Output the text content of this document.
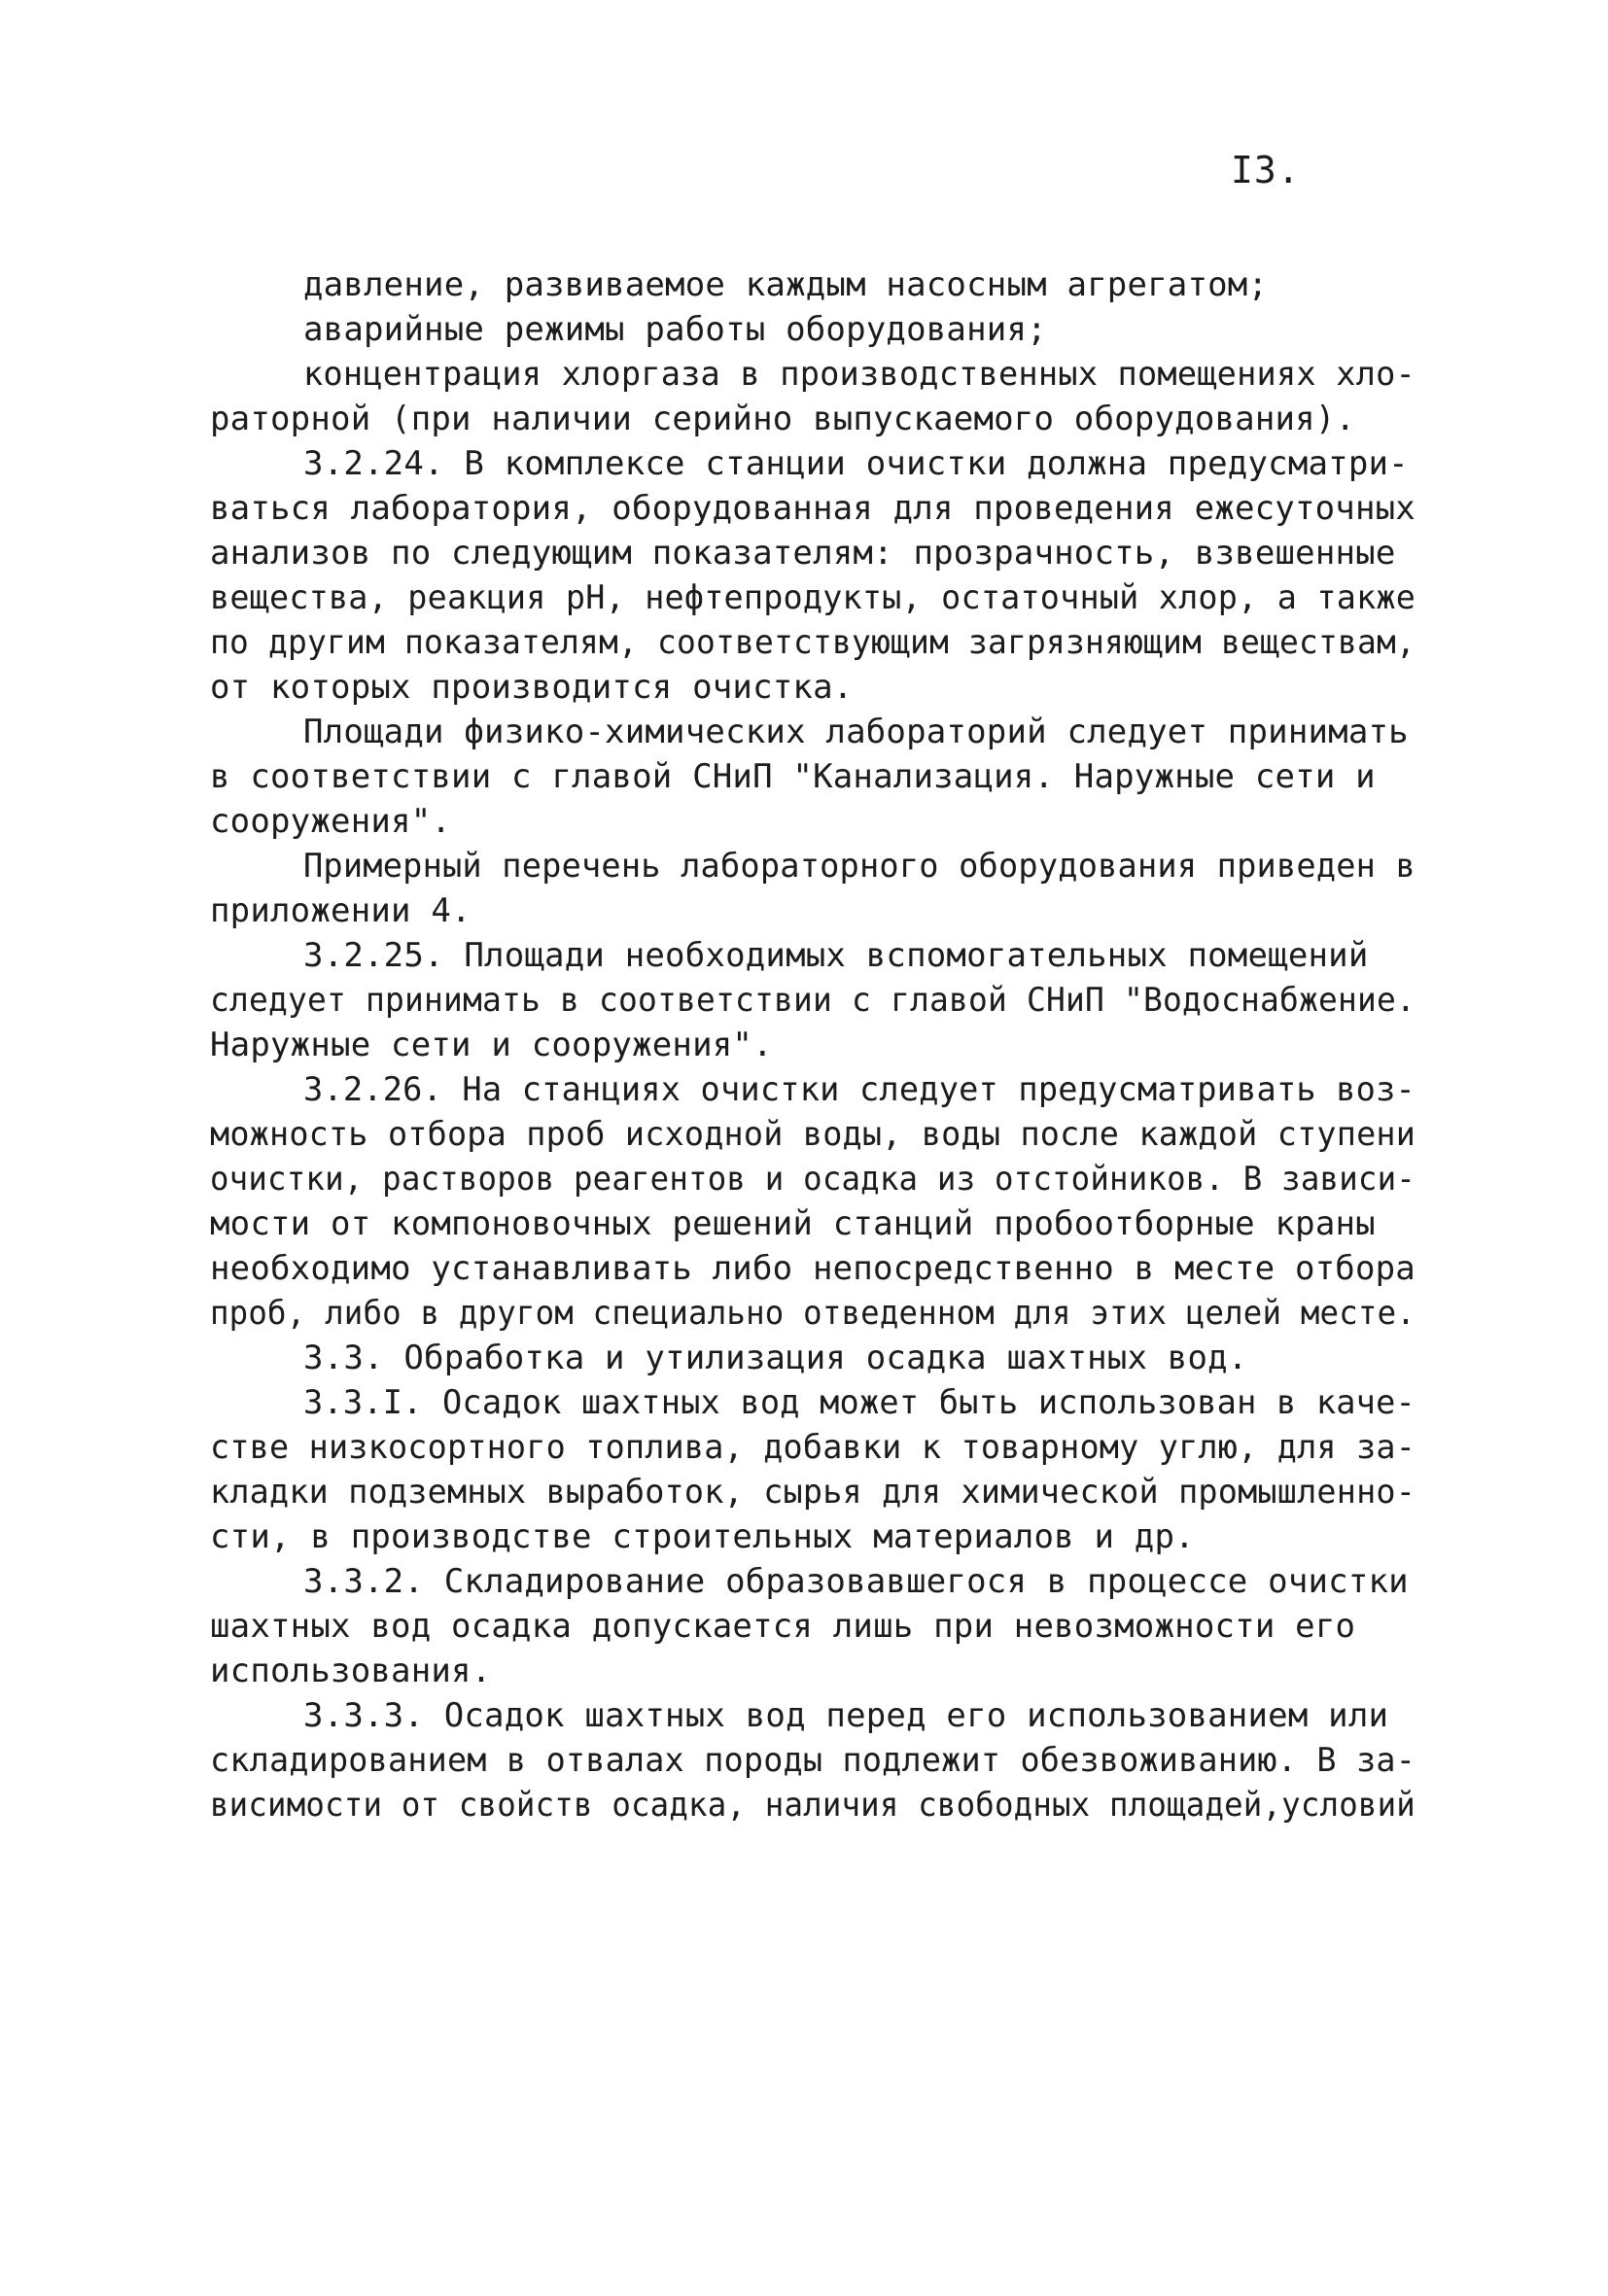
I3.
давление, развиваемое каждым насосным агрегатом;
аварийные режимы работы оборудования;
концентрация хлоргаза в производственных помещениях хло-
раторной (при наличии серийно выпускаемого оборудования).
3.2.24. В комплексе станции очистки должна предусматри-
ваться лаборатория, оборудованная для проведения ежесуточных
анализов по следующим показателям: прозрачность, взвешенные
вещества, реакция pH, нефтепродукты, остаточный хлор, а также
по другим показателям, соответствующим загрязняющим веществам,
от которых производится очистка.
Площади физико-химических лабораторий следует принимать
в соответствии с главой СНиП "Канализация. Наружные сети и
сооружения".
Примерный перечень лабораторного оборудования приведен в
приложении 4.
3.2.25. Площади необходимых вспомогательных помещений
следует принимать в соответствии с главой СНиП "Водоснабжение.
Наружные сети и сооружения".
3.2.26. На станциях очистки следует предусматривать воз-
можность отбора проб исходной воды, воды после каждой ступени
очистки, растворов реагентов и осадка из отстойников. В зависи-
мости от компоновочных решений станций пробоотборные краны
необходимо устанавливать либо непосредственно в месте отбора
проб, либо в другом специально отведенном для этих целей месте.
3.3. Обработка и утилизация осадка шахтных вод.
3.3.I. Осадок шахтных вод может быть использован в каче-
стве низкосортного топлива, добавки к товарному углю, для за-
кладки подземных выработок, сырья для химической промышленно-
сти, в производстве строительных материалов и др.
3.3.2. Складирование образовавшегося в процессе очистки
шахтных вод осадка допускается лишь при невозможности его
использования.
3.3.3. Осадок шахтных вод перед его использованием или
складированием в отвалах породы подлежит обезвоживанию. В за-
висимости от свойств осадка, наличия свободных площадей,условий
